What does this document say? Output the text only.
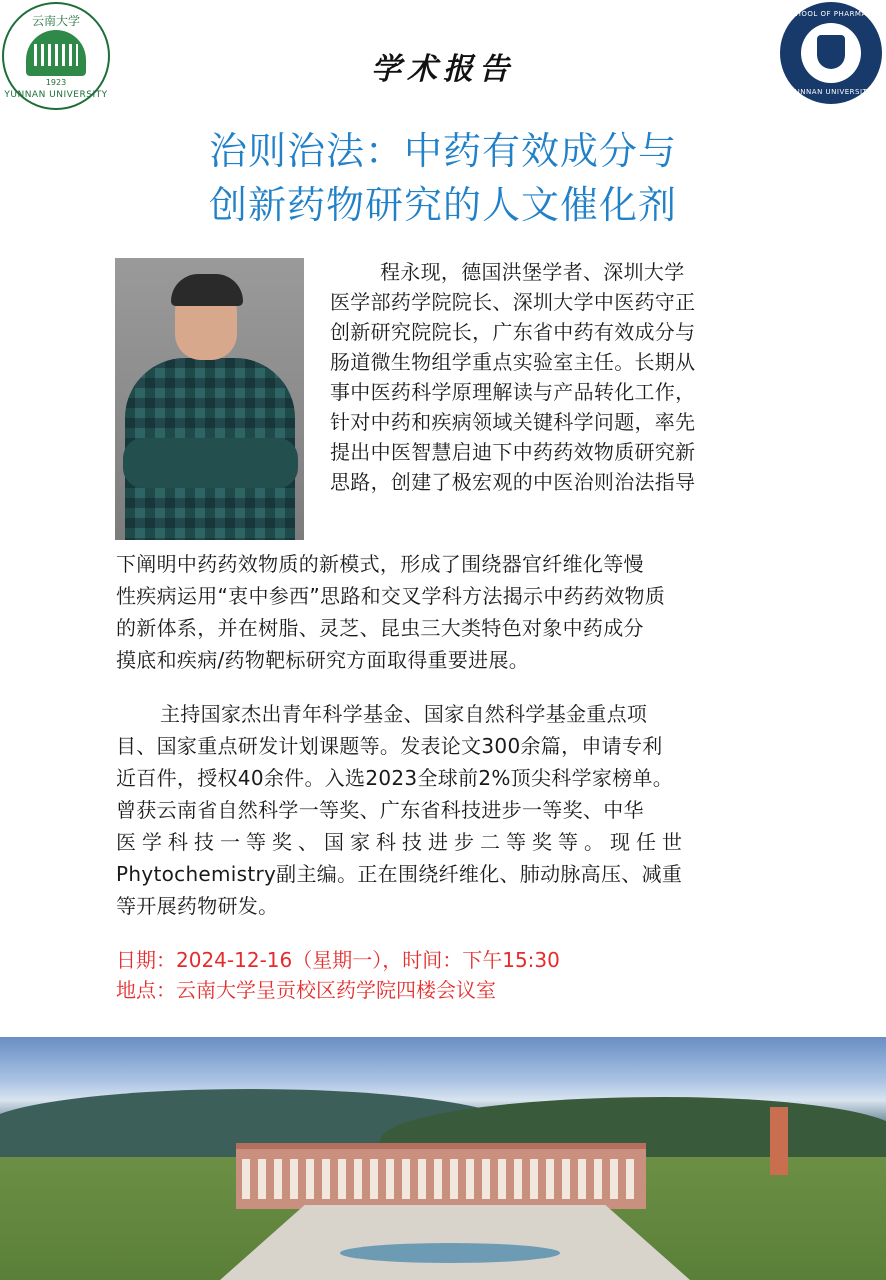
云南大学
1923
YUNNAN UNIVERSITY
SCHOOL OF PHARMACY
YUNNAN UNIVERSITY
学术报告
治则治法：中药有效成分与
创新药物研究的人文催化剂
程永现，德国洪堡学者、深圳大学
医学部药学院院长、深圳大学中医药守正
创新研究院院长，广东省中药有效成分与
肠道微生物组学重点实验室主任。长期从
事中医药科学原理解读与产品转化工作，
针对中药和疾病领域关键科学问题，率先
提出中医智慧启迪下中药药效物质研究新
思路，创建了极宏观的中医治则治法指导
下阐明中药药效物质的新模式，形成了围绕器官纤维化等慢
性疾病运用“衷中参西”思路和交叉学科方法揭示中药药效物质
的新体系，并在树脂、灵芝、昆虫三大类特色对象中药成分
摸底和疾病/药物靶标研究方面取得重要进展。
主持国家杰出青年科学基金、国家自然科学基金重点项
目、国家重点研发计划课题等。发表论文300余篇，申请专利
近百件，授权40余件。入选2023全球前2%顶尖科学家榜单。
曾获云南省自然科学一等奖、广东省科技进步一等奖、中华
医学科技一等奖、国家科技进步二等奖等。现任世
Phytochemistry副主编。正在围绕纤维化、肺动脉高压、减重
等开展药物研发。
日期：2024-12-16（星期一），时间：下午15:30
地点：云南大学呈贡校区药学院四楼会议室
